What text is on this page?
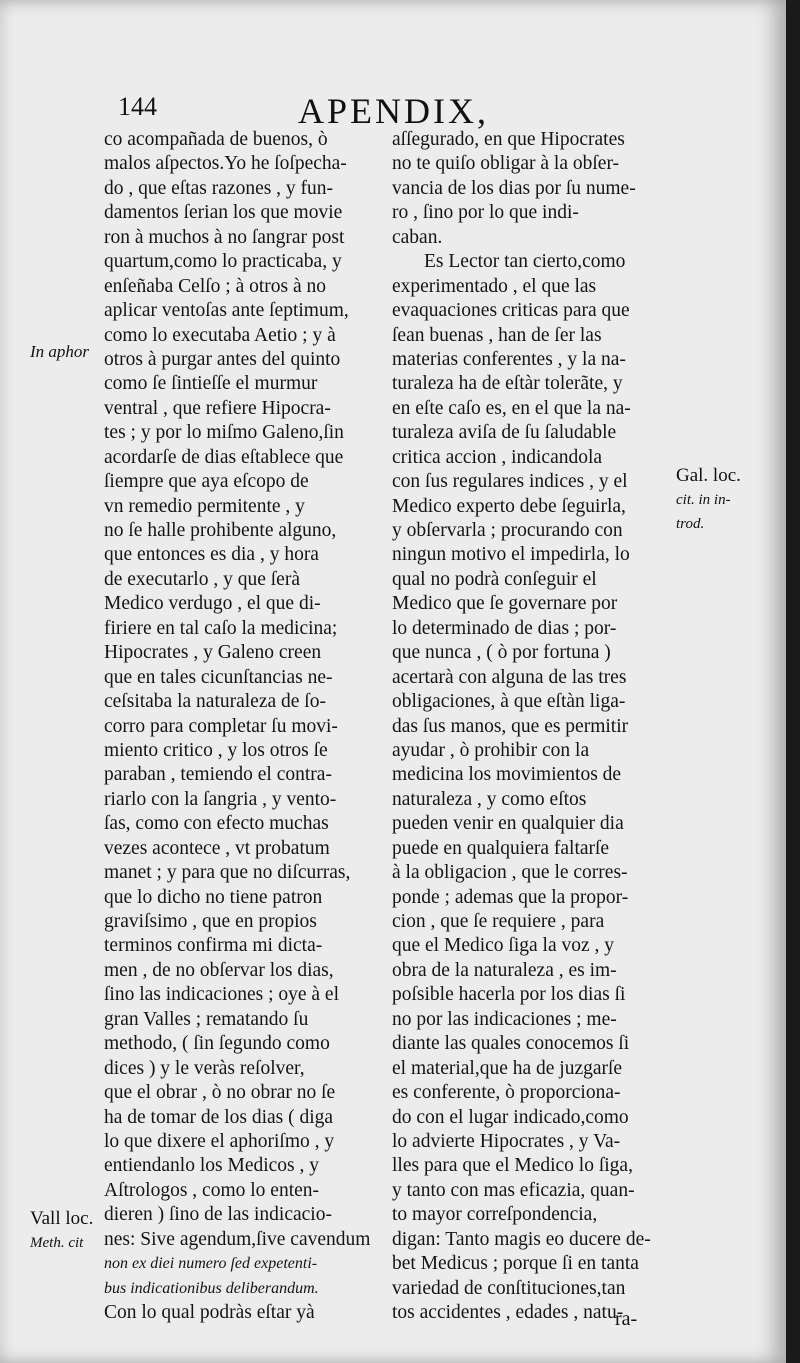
144	APENDIX,
co acompañada de buenos, ò
malos aſpectos.Yo he ſoſpecha-
do , que eſtas razones , y fun-
damentos ſerian los que movie
ron à muchos à no ſangrar post
quartum,como lo practicaba, y
enſeñaba Celſo ; à otros à no
aplicar ventoſas ante ſeptimum,
como lo executaba Aetio ; y à
otros à purgar antes del quinto
como ſe ſintieſſe el murmur
ventral , que refiere Hipocra-
tes ; y por lo miſmo Galeno,ſin
acordarſe de dias eſtablece que
ſiempre que aya eſcopo de
vn remedio permitente , y
no ſe halle prohibente alguno,
que entonces es dia , y hora
de executarlo , y que ſerà
Medico verdugo , el que di-
firiere en tal caſo la medicina;
Hipocrates , y Galeno creen
que en tales cicunſtancias ne-
ceſsitaba la naturaleza de ſo-
corro para completar ſu movi-
miento critico , y los otros ſe
paraban , temiendo el contra-
riarlo con la ſangria , y vento-
ſas, como con efecto muchas
vezes acontece , vt probatum
manet ; y para que no diſcurras,
que lo dicho no tiene patron
graviſsimo , que en propios
terminos confirma mi dicta-
men , de no obſervar los dias,
ſino las indicaciones ; oye à el
gran Valles ; rematando ſu
methodo, ( ſin ſegundo como
dices ) y le veràs reſolver,
que el obrar , ò no obrar no ſe
ha de tomar de los dias ( diga
lo que dixere el aphoriſmo , y
entiendanlo los Medicos , y
Aſtrologos , como lo enten-
dieren ) ſino de las indicacio-
nes: Sive agendum,ſive cavendum
non ex diei numero ſed expetenti-
bus indicationibus deliberandum.
Con lo qual podràs eſtar yà
aſſegurado, en que Hipocrates
no te quiſo obligar à la obſer-
vancia de los dias por ſu nume-
ro , ſino por lo que indi-
caban.
Es Lector tan cierto,como
experimentado , el que las
evaquaciones criticas para que
ſean buenas , han de ſer las
materias conferentes , y la na-
turaleza ha de eſtàr tolerãte, y
en eſte caſo es, en el que la na-
turaleza aviſa de ſu ſaludable
critica accion , indicandola
con ſus regulares indices , y el
Medico experto debe ſeguirla,
y obſervarla ; procurando con
ningun motivo el impedirla, lo
qual no podrà conſeguir el
Medico que ſe governare por
lo determinado de dias ; por-
que nunca , ( ò por fortuna )
acertarà con alguna de las tres
obligaciones, à que eſtàn liga-
das ſus manos, que es permitir
ayudar , ò prohibir con la
medicina los movimientos de
naturaleza , y como eſtos
pueden venir en qualquier dia
puede en qualquiera faltarſe
à la obligacion , que le corres-
ponde ; ademas que la propor-
cion , que ſe requiere , para
que el Medico ſiga la voz , y
obra de la naturaleza , es im-
poſsible hacerla por los dias ſi
no por las indicaciones ; me-
diante las quales conocemos ſi
el material,que ha de juzgarſe
es conferente, ò proporciona-
do con el lugar indicado,como
lo advierte Hipocrates , y Va-
lles para que el Medico lo ſiga,
y tanto con mas eficazia, quan-
to mayor correſpondencia,
digan: Tanto magis eo ducere de-
bet Medicus ; porque ſi en tanta
variedad de conſtituciones,tan
tos accidentes , edades , natu-
In aphor
Gal. loc.
cit. in in-
trod.
Vall loc.
Meth. cit
ra-
